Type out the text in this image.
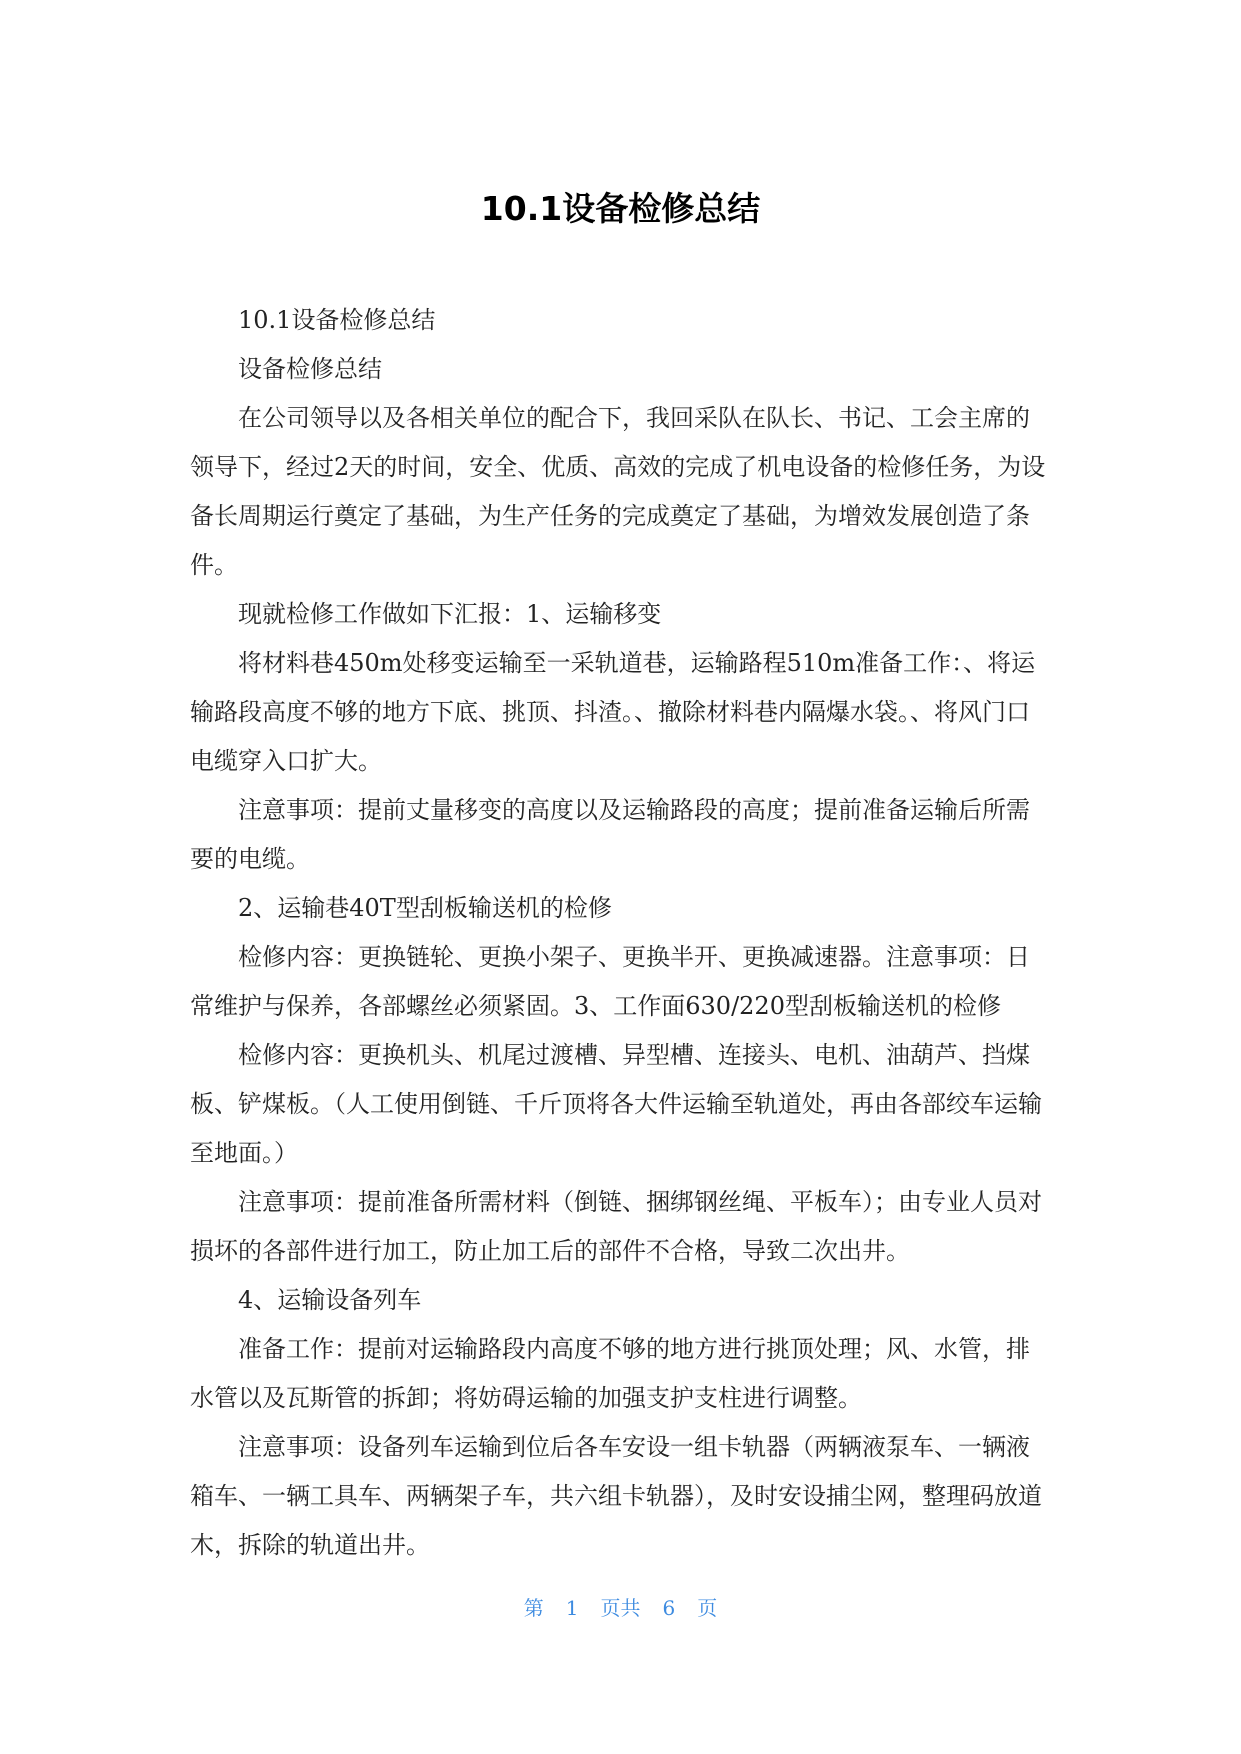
10.1设备检修总结

10.1设备检修总结

设备检修总结

在公司领导以及各相关单位的配合下，我回采队在队长、书记、工会主席的领导下，经过2天的时间，安全、优质、高效的完成了机电设备的检修任务，为设备长周期运行奠定了基础，为生产任务的完成奠定了基础，为增效发展创造了条件。

现就检修工作做如下汇报：1、运输移变

将材料巷450m处移变运输至一采轨道巷，运输路程510m准备工作：、将运输路段高度不够的地方下底、挑顶、抖渣。、撤除材料巷内隔爆水袋。、将风门口电缆穿入口扩大。

注意事项：提前丈量移变的高度以及运输路段的高度；提前准备运输后所需要的电缆。

2、运输巷40T型刮板输送机的检修

检修内容：更换链轮、更换小架子、更换半开、更换减速器。注意事项：日常维护与保养，各部螺丝必须紧固。3、工作面630/220型刮板输送机的检修

检修内容：更换机头、机尾过渡槽、异型槽、连接头、电机、油葫芦、挡煤板、铲煤板。（人工使用倒链、千斤顶将各大件运输至轨道处，再由各部绞车运输至地面。）

注意事项：提前准备所需材料（倒链、捆绑钢丝绳、平板车）；由专业人员对损坏的各部件进行加工，防止加工后的部件不合格，导致二次出井。

4、运输设备列车

准备工作：提前对运输路段内高度不够的地方进行挑顶处理；风、水管，排水管以及瓦斯管的拆卸；将妨碍运输的加强支护支柱进行调整。

注意事项：设备列车运输到位后各车安设一组卡轨器（两辆液泵车、一辆液箱车、一辆工具车、两辆架子车，共六组卡轨器），及时安设捕尘网，整理码放道木，拆除的轨道出井。

第 1 页共 6 页
